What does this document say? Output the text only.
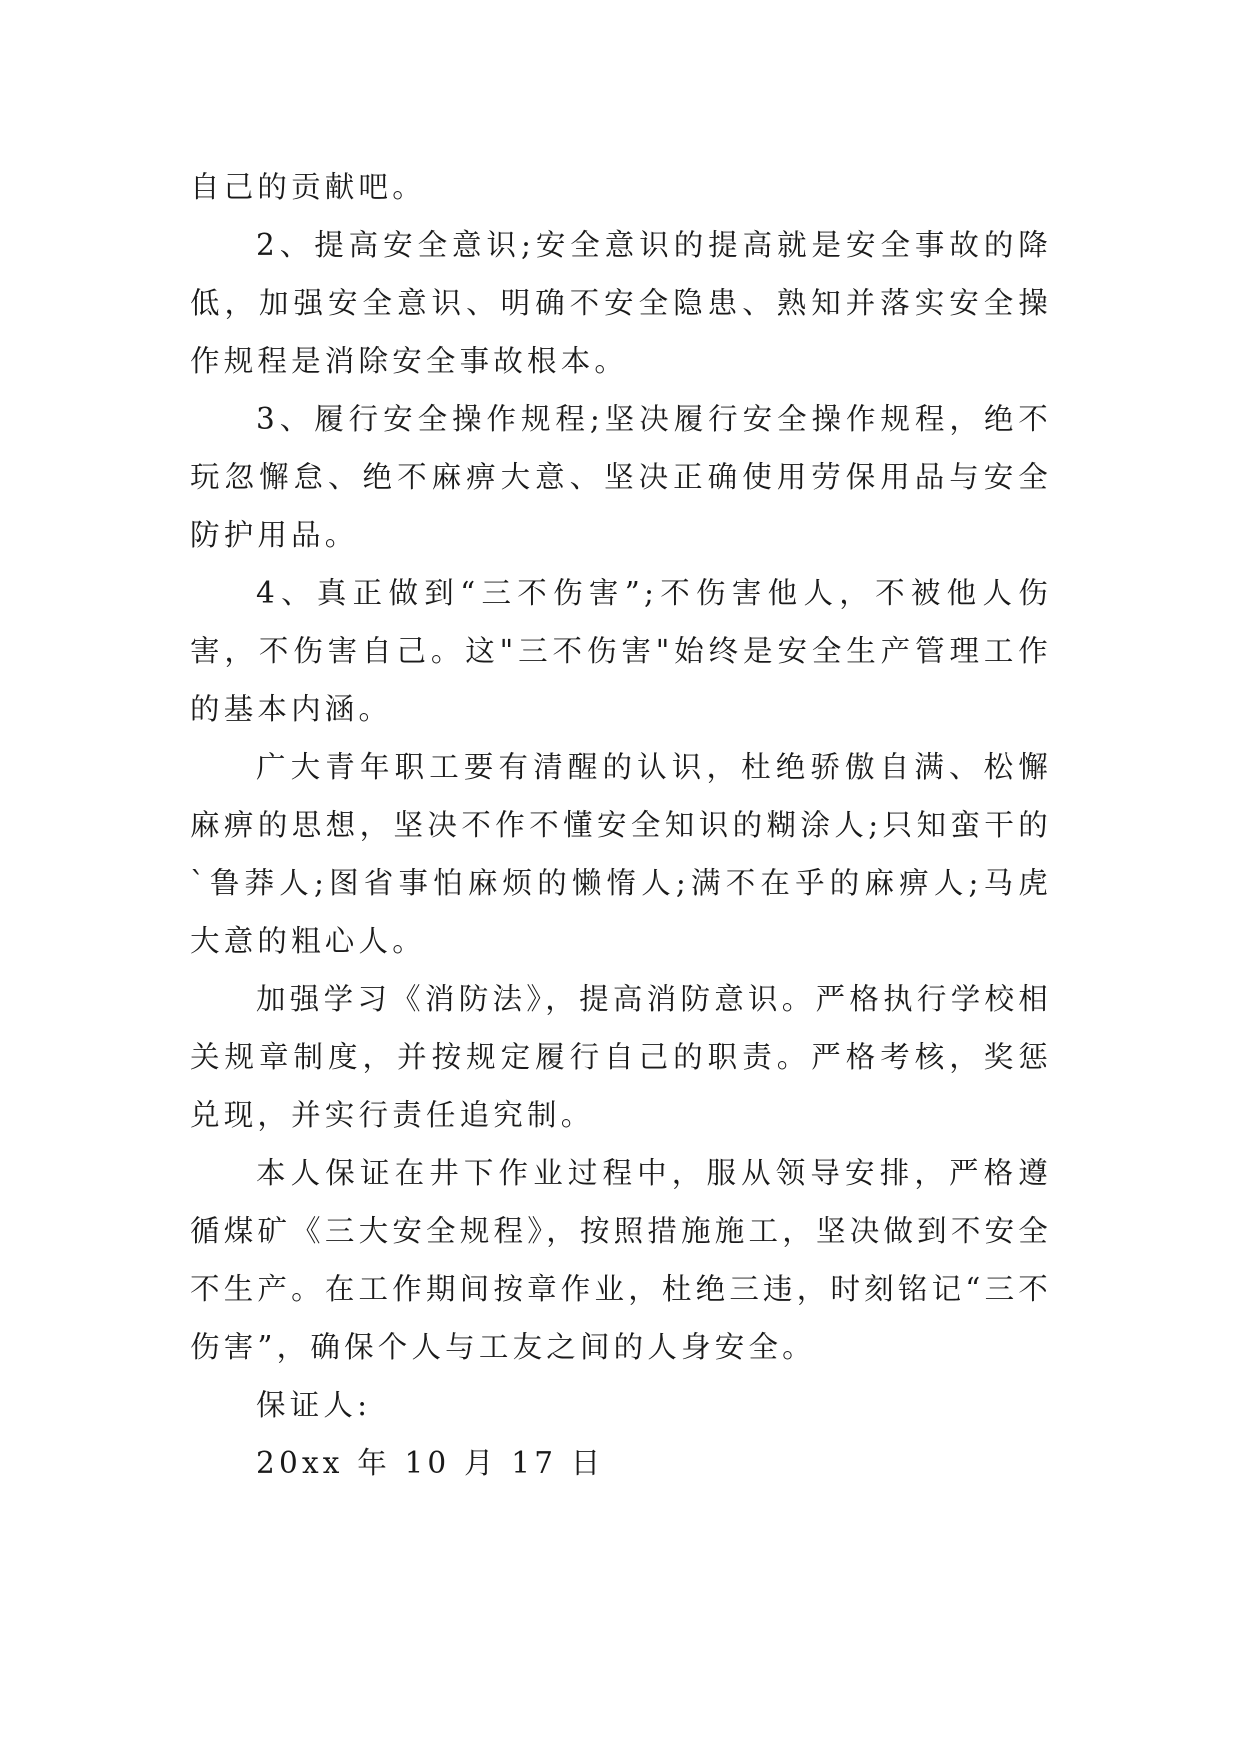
自己的贡献吧。

2、提高安全意识;安全意识的提高就是安全事故的降低，加强安全意识、明确不安全隐患、熟知并落实安全操作规程是消除安全事故根本。

3、履行安全操作规程;坚决履行安全操作规程，绝不玩忽懈怠、绝不麻痹大意、坚决正确使用劳保用品与安全防护用品。

4、真正做到“三不伤害”;不伤害他人，不被他人伤害，不伤害自己。这"三不伤害"始终是安全生产管理工作的基本内涵。

广大青年职工要有清醒的认识，杜绝骄傲自满、松懈麻痹的思想，坚决不作不懂安全知识的糊涂人;只知蛮干的`鲁莽人;图省事怕麻烦的懒惰人;满不在乎的麻痹人;马虎大意的粗心人。

加强学习《消防法》，提高消防意识。严格执行学校相关规章制度，并按规定履行自己的职责。严格考核，奖惩兑现，并实行责任追究制。

本人保证在井下作业过程中，服从领导安排，严格遵循煤矿《三大安全规程》，按照措施施工，坚决做到不安全不生产。在工作期间按章作业，杜绝三违，时刻铭记“三不伤害”，确保个人与工友之间的人身安全。

保证人:

20xx 年 10 月 17 日
